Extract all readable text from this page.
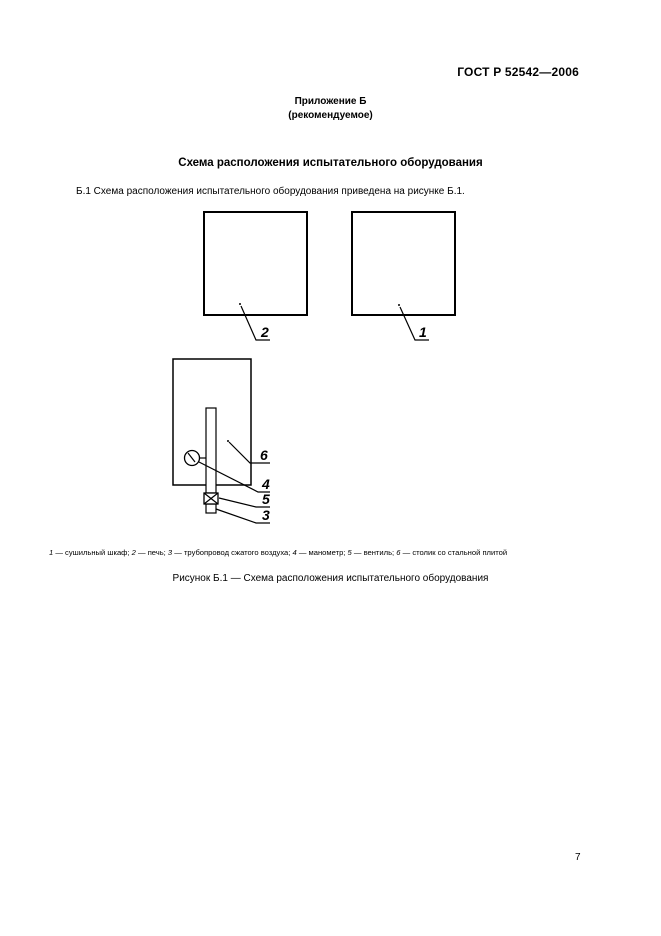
ГОСТ Р 52542—2006
Приложение Б
(рекомендуемое)
Схема расположения испытательного оборудования
Б.1 Схема расположения испытательного оборудования приведена на рисунке Б.1.
2	1
6
4
5
3
1 — сушильный шкаф; 2 — печь; 3 — трубопровод сжатого воздуха; 4 — манометр; 5 — вентиль; 6 — столик со стальной плитой
Рисунок Б.1 — Схема расположения испытательного оборудования
7
